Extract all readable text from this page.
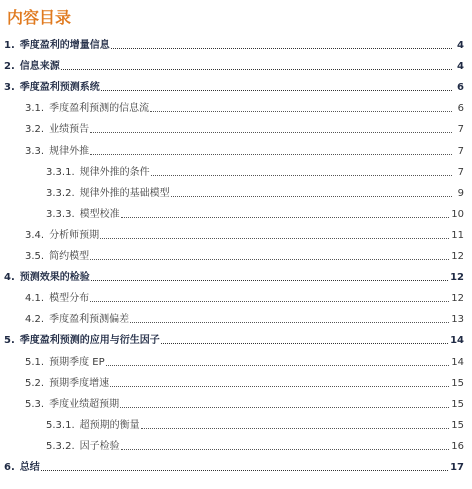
内容目录
1. 季度盈利的增量信息	4
2. 信息来源	4
3. 季度盈利预测系统	6
3.1. 季度盈利预测的信息流	6
3.2. 业绩预告	7
3.3. 规律外推	7
3.3.1. 规律外推的条件	7
3.3.2. 规律外推的基础模型	9
3.3.3. 模型校准	10
3.4. 分析师预期	11
3.5. 简约模型	12
4. 预测效果的检验	12
4.1. 模型分布	12
4.2. 季度盈利预测偏差	13
5. 季度盈利预测的应用与衍生因子	14
5.1. 预期季度 EP	14
5.2. 预期季度增速	15
5.3. 季度业绩超预期	15
5.3.1. 超预期的衡量	15
5.3.2. 因子检验	16
6. 总结	17
